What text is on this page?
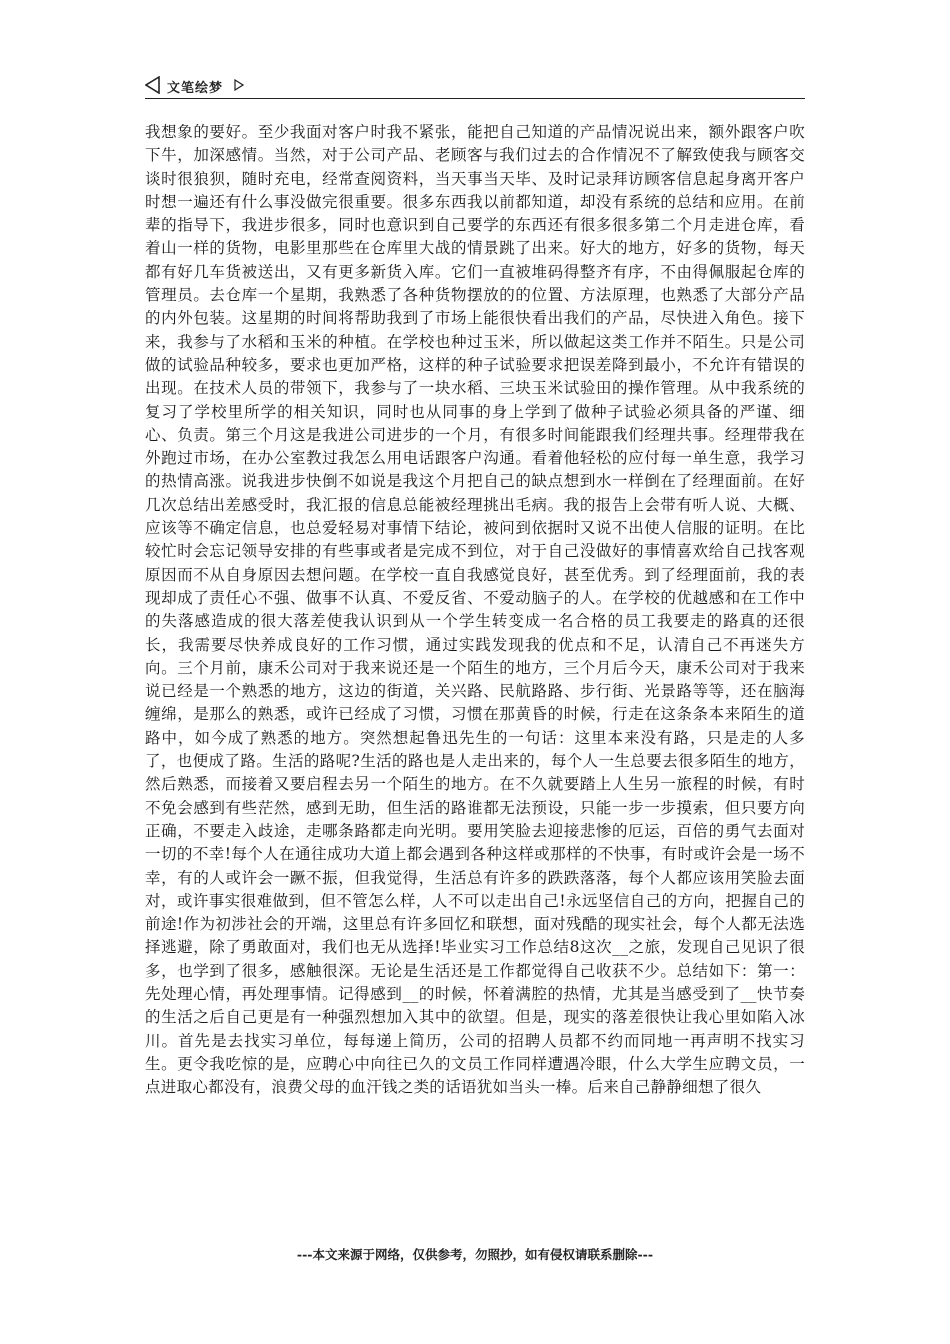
文笔绘梦

我想象的要好。至少我面对客户时我不紧张，能把自己知道的产品情况说出来，额外跟客户吹下牛，加深感情。当然，对于公司产品、老顾客与我们过去的合作情况不了解致使我与顾客交谈时很狼狈，随时充电，经常查阅资料，当天事当天毕、及时记录拜访顾客信息起身离开客户时想一遍还有什么事没做完很重要。很多东西我以前都知道，却没有系统的总结和应用。在前辈的指导下，我进步很多，同时也意识到自己要学的东西还有很多很多第二个月走进仓库，看着山一样的货物，电影里那些在仓库里大战的情景跳了出来。好大的地方，好多的货物，每天都有好几车货被送出，又有更多新货入库。它们一直被堆码得整齐有序，不由得佩服起仓库的管理员。去仓库一个星期，我熟悉了各种货物摆放的的位置、方法原理，也熟悉了大部分产品的内外包装。这星期的时间将帮助我到了市场上能很快看出我们的产品，尽快进入角色。接下来，我参与了水稻和玉米的种植。在学校也种过玉米，所以做起这类工作并不陌生。只是公司做的试验品种较多，要求也更加严格，这样的种子试验要求把误差降到最小，不允许有错误的出现。在技术人员的带领下，我参与了一块水稻、三块玉米试验田的操作管理。从中我系统的复习了学校里所学的相关知识，同时也从同事的身上学到了做种子试验必须具备的严谨、细心、负责。第三个月这是我进公司进步的一个月，有很多时间能跟我们经理共事。经理带我在外跑过市场，在办公室教过我怎么用电话跟客户沟通。看着他轻松的应付每一单生意，我学习的热情高涨。说我进步快倒不如说是我这个月把自己的缺点想到水一样倒在了经理面前。在好几次总结出差感受时，我汇报的信息总能被经理挑出毛病。我的报告上会带有听人说、大概、应该等不确定信息，也总爱轻易对事情下结论，被问到依据时又说不出使人信服的证明。在比较忙时会忘记领导安排的有些事或者是完成不到位，对于自己没做好的事情喜欢给自己找客观原因而不从自身原因去想问题。在学校一直自我感觉良好，甚至优秀。到了经理面前，我的表现却成了责任心不强、做事不认真、不爱反省、不爱动脑子的人。在学校的优越感和在工作中的失落感造成的很大落差使我认识到从一个学生转变成一名合格的员工我要走的路真的还很长，我需要尽快养成良好的工作习惯，通过实践发现我的优点和不足，认清自己不再迷失方向。三个月前，康禾公司对于我来说还是一个陌生的地方，三个月后今天，康禾公司对于我来说已经是一个熟悉的地方，这边的街道，关兴路、民航路路、步行街、光景路等等，还在脑海缠绵，是那么的熟悉，或许已经成了习惯，习惯在那黄昏的时候，行走在这条条本来陌生的道路中，如今成了熟悉的地方。突然想起鲁迅先生的一句话：这里本来没有路，只是走的人多了，也便成了路。生活的路呢?生活的路也是人走出来的，每个人一生总要去很多陌生的地方，然后熟悉，而接着又要启程去另一个陌生的地方。在不久就要踏上人生另一旅程的时候，有时不免会感到有些茫然，感到无助，但生活的路谁都无法预设，只能一步一步摸索，但只要方向正确，不要走入歧途，走哪条路都走向光明。要用笑脸去迎接悲惨的厄运，百倍的勇气去面对一切的不幸!每个人在通往成功大道上都会遇到各种这样或那样的不快事，有时或许会是一场不幸，有的人或许会一蹶不振，但我觉得，生活总有许多的跌跌落落，每个人都应该用笑脸去面对，或许事实很难做到，但不管怎么样，人不可以走出自己!永远坚信自己的方向，把握自己的前途!作为初涉社会的开端，这里总有许多回忆和联想，面对残酷的现实社会，每个人都无法选择逃避，除了勇敢面对，我们也无从选择!毕业实习工作总结8这次__之旅，发现自己见识了很多，也学到了很多，感触很深。无论是生活还是工作都觉得自己收获不少。总结如下：第一：先处理心情，再处理事情。记得感到__的时候，怀着满腔的热情，尤其是当感受到了__快节奏的生活之后自己更是有一种强烈想加入其中的欲望。但是，现实的落差很快让我心里如陷入冰川。首先是去找实习单位，每每递上简历，公司的招聘人员都不约而同地一再声明不找实习生。更令我吃惊的是，应聘心中向往已久的文员工作同样遭遇冷眼，什么大学生应聘文员，一点进取心都没有，浪费父母的血汗钱之类的话语犹如当头一棒。后来自己静静细想了很久

---本文来源于网络，仅供参考，勿照抄，如有侵权请联系删除---
